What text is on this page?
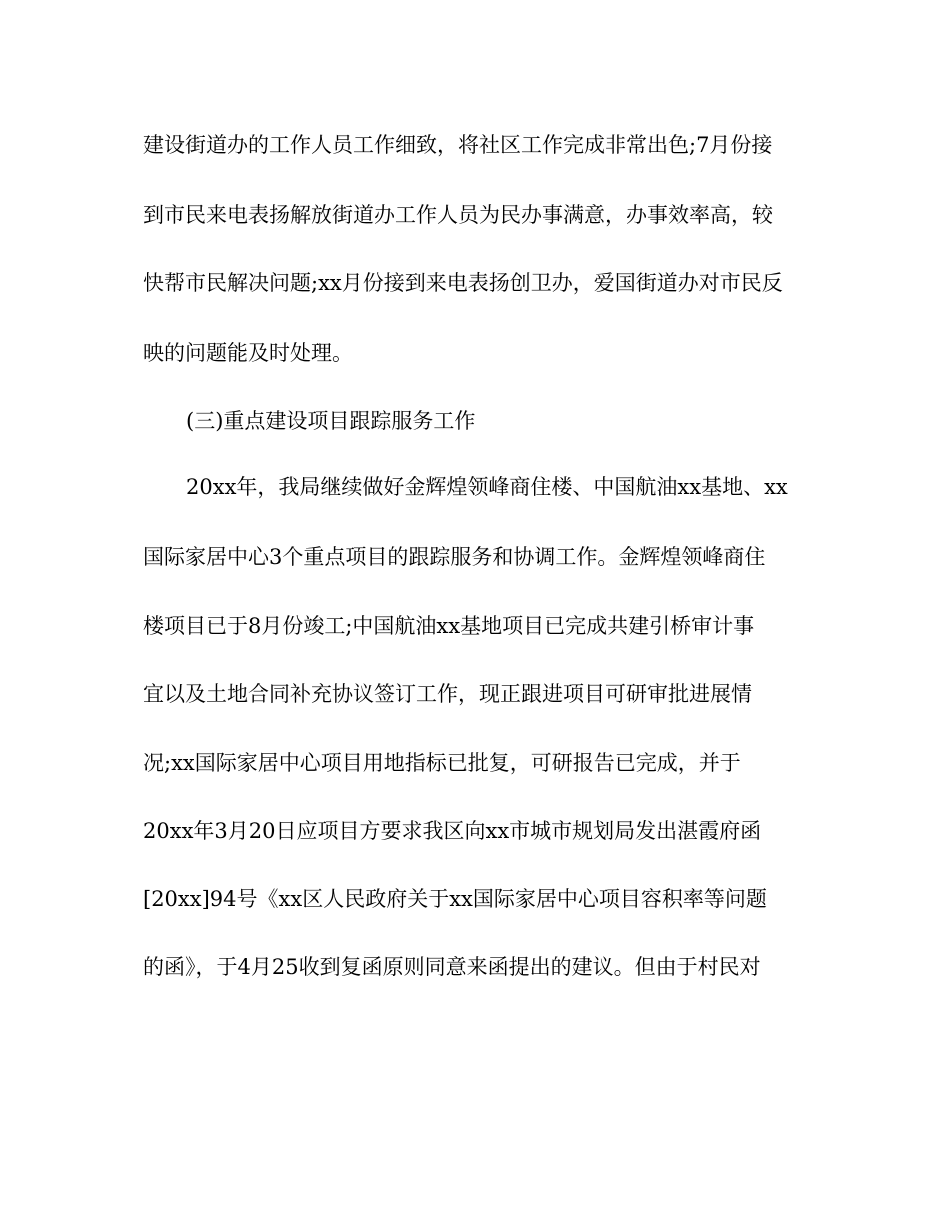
建设街道办的工作人员工作细致，将社区工作完成非常出色;7月份接
到市民来电表扬解放街道办工作人员为民办事满意，办事效率高，较
快帮市民解决问题;xx月份接到来电表扬创卫办，爱国街道办对市民反
映的问题能及时处理。
(三)重点建设项目跟踪服务工作
20xx年，我局继续做好金辉煌领峰商住楼、中国航油xx基地、xx
国际家居中心3个重点项目的跟踪服务和协调工作。金辉煌领峰商住
楼项目已于8月份竣工;中国航油xx基地项目已完成共建引桥审计事
宜以及土地合同补充协议签订工作，现正跟进项目可研审批进展情
况;xx国际家居中心项目用地指标已批复，可研报告已完成，并于
20xx年3月20日应项目方要求我区向xx市城市规划局发出湛霞府函
[20xx]94号《xx区人民政府关于xx国际家居中心项目容积率等问题
的函》，于4月25收到复函原则同意来函提出的建议。但由于村民对
